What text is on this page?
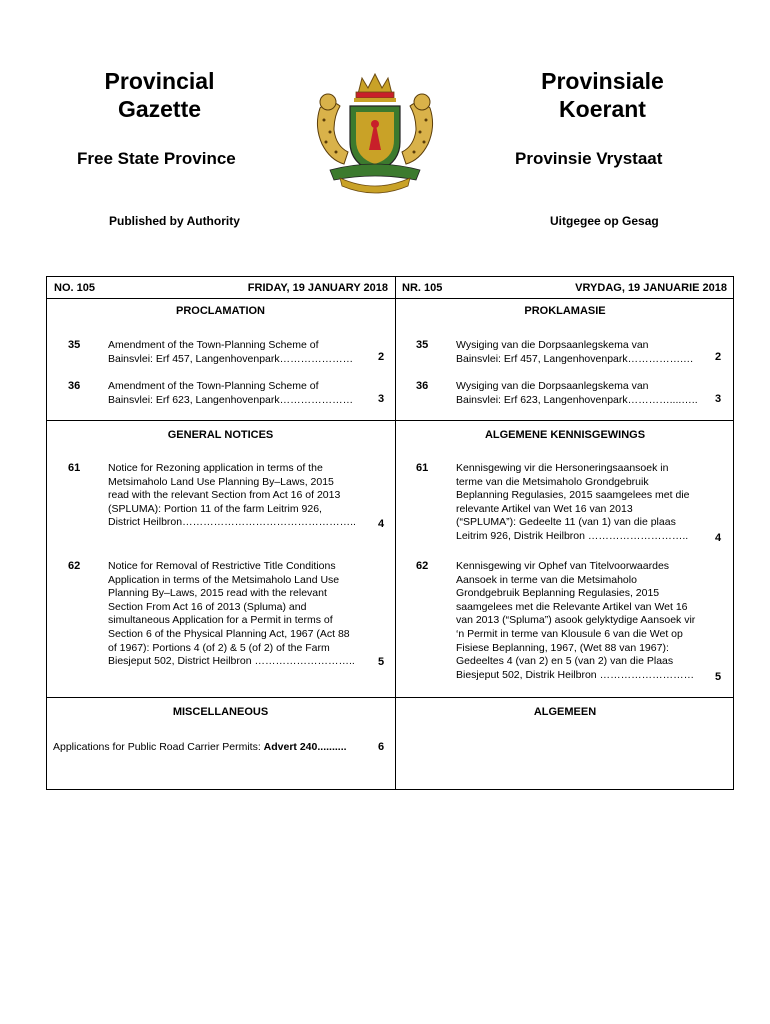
Provincial
Gazette
Provinsiale
Koerant
Free State Province	Provinsie Vrystaat
Published by Authority	Uitgegee op Gesag
NO. 105	FRIDAY, 19 JANUARY 2018 NR. 105	VRYDAG, 19 JANUARIE 2018
PROCLAMATION	PROKLAMASIE
35	Amendment of the Town-Planning Scheme of
Bainsvlei: Erf 457, Langenhovenpark…………………	2
35	Wysiging van die Dorpsaanlegskema van
Bainsvlei: Erf 457, Langenhovenpark…………….…	2
36	Amendment of the Town-Planning Scheme of
Bainsvlei: Erf 623, Langenhovenpark…………………	3
36	Wysiging van die Dorpsaanlegskema van
Bainsvlei: Erf 623, Langenhovenpark…………....….. 3
GENERAL NOTICES	ALGEMENE KENNISGEWINGS
61	Notice for Rezoning application in terms of the
Metsimaholo Land Use Planning By–Laws, 2015
read with the relevant Section from Act 16 of 2013
(SPLUMA): Portion 11 of the farm Leitrim 926,
District Heilbron…………………………………………..	4
61	Kennisgewing vir die Hersoneringsaansoek in
terme van die Metsimaholo Grondgebruik
Beplanning Regulasies, 2015 saamgelees met die
relevante Artikel van Wet 16 van 2013
(“SPLUMA”): Gedeelte 11 (van 1) van die plaas
Leitrim 926, Distrik Heilbron ………………………..	4
62	Notice for Removal of Restrictive Title Conditions
Application in terms of the Metsimaholo Land Use
Planning By–Laws, 2015 read with the relevant
Section From Act 16 of 2013 (Spluma) and
simultaneous Application for a Permit in terms of
Section 6 of the Physical Planning Act, 1967 (Act 88
of 1967): Portions 4 (of 2) & 5 (of 2) of the Farm
Biesjeput 502, District Heilbron ………………………..	5
62	Kennisgewing vir Ophef van Titelvoorwaardes
Aansoek in terme van die Metsimaholo
Grondgebruik Beplanning Regulasies, 2015
saamgelees met die Relevante Artikel van Wet 16
van 2013 (“Spluma”) asook gelyktydige Aansoek vir
‘n Permit in terme van Klousule 6 van die Wet op
Fisiese Beplanning, 1967, (Wet 88 van 1967):
Gedeeltes 4 (van 2) en 5 (van 2) van die Plaas
Biesjeput 502, Distrik Heilbron ………………………	5
MISCELLANEOUS	ALGEMEEN
Applications for Public Road Carrier Permits: Advert 240..........	6
